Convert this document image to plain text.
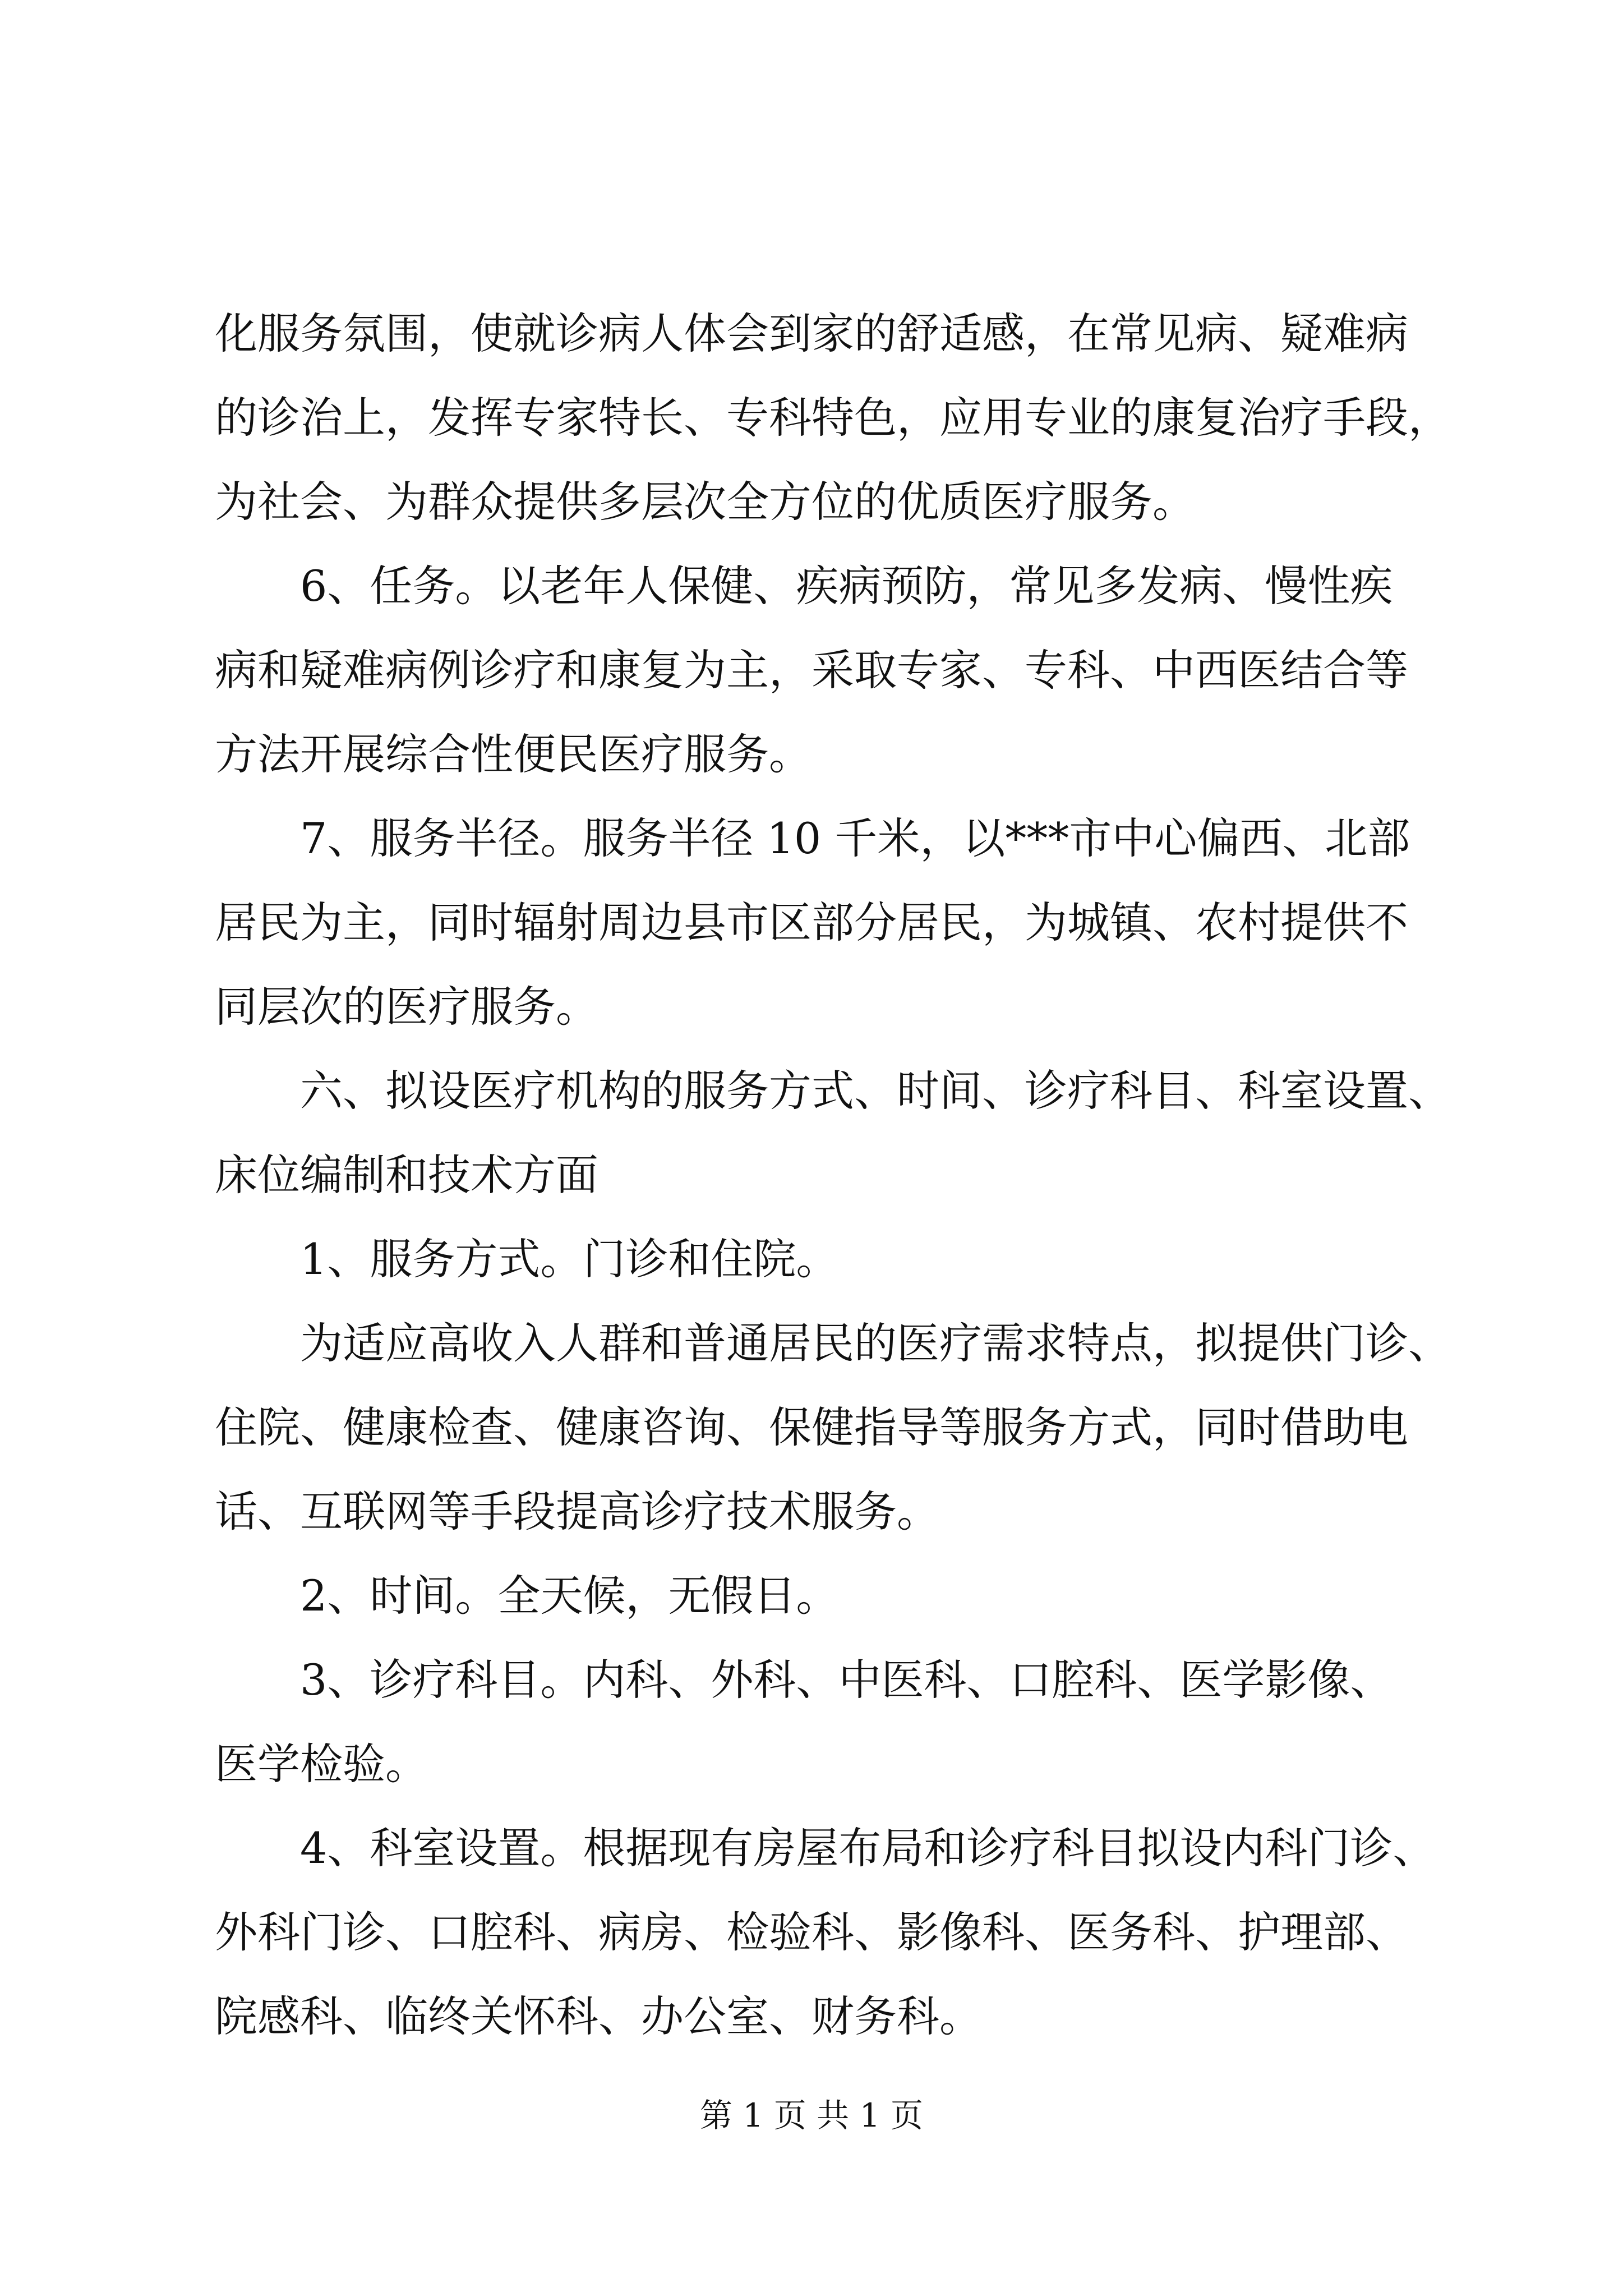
化服务氛围，使就诊病人体会到家的舒适感，在常见病、疑难病

的诊治上，发挥专家特长、专科特色，应用专业的康复治疗手段，

为社会、为群众提供多层次全方位的优质医疗服务。

6、任务。以老年人保健、疾病预防，常见多发病、慢性疾

病和疑难病例诊疗和康复为主，采取专家、专科、中西医结合等

方法开展综合性便民医疗服务。

7、服务半径。服务半径 10 千米，以***市中心偏西、北部

居民为主，同时辐射周边县市区部分居民，为城镇、农村提供不

同层次的医疗服务。

六、拟设医疗机构的服务方式、时间、诊疗科目、科室设置、

床位编制和技术方面

1、服务方式。门诊和住院。

为适应高收入人群和普通居民的医疗需求特点，拟提供门诊、

住院、健康检查、健康咨询、保健指导等服务方式，同时借助电

话、互联网等手段提高诊疗技术服务。

2、时间。全天候，无假日。

3、诊疗科目。内科、外科、中医科、口腔科、医学影像、

医学检验。

4、科室设置。根据现有房屋布局和诊疗科目拟设内科门诊、

外科门诊、口腔科、病房、检验科、影像科、医务科、护理部、

院感科、临终关怀科、办公室、财务科。

第 1 页 共 1 页
